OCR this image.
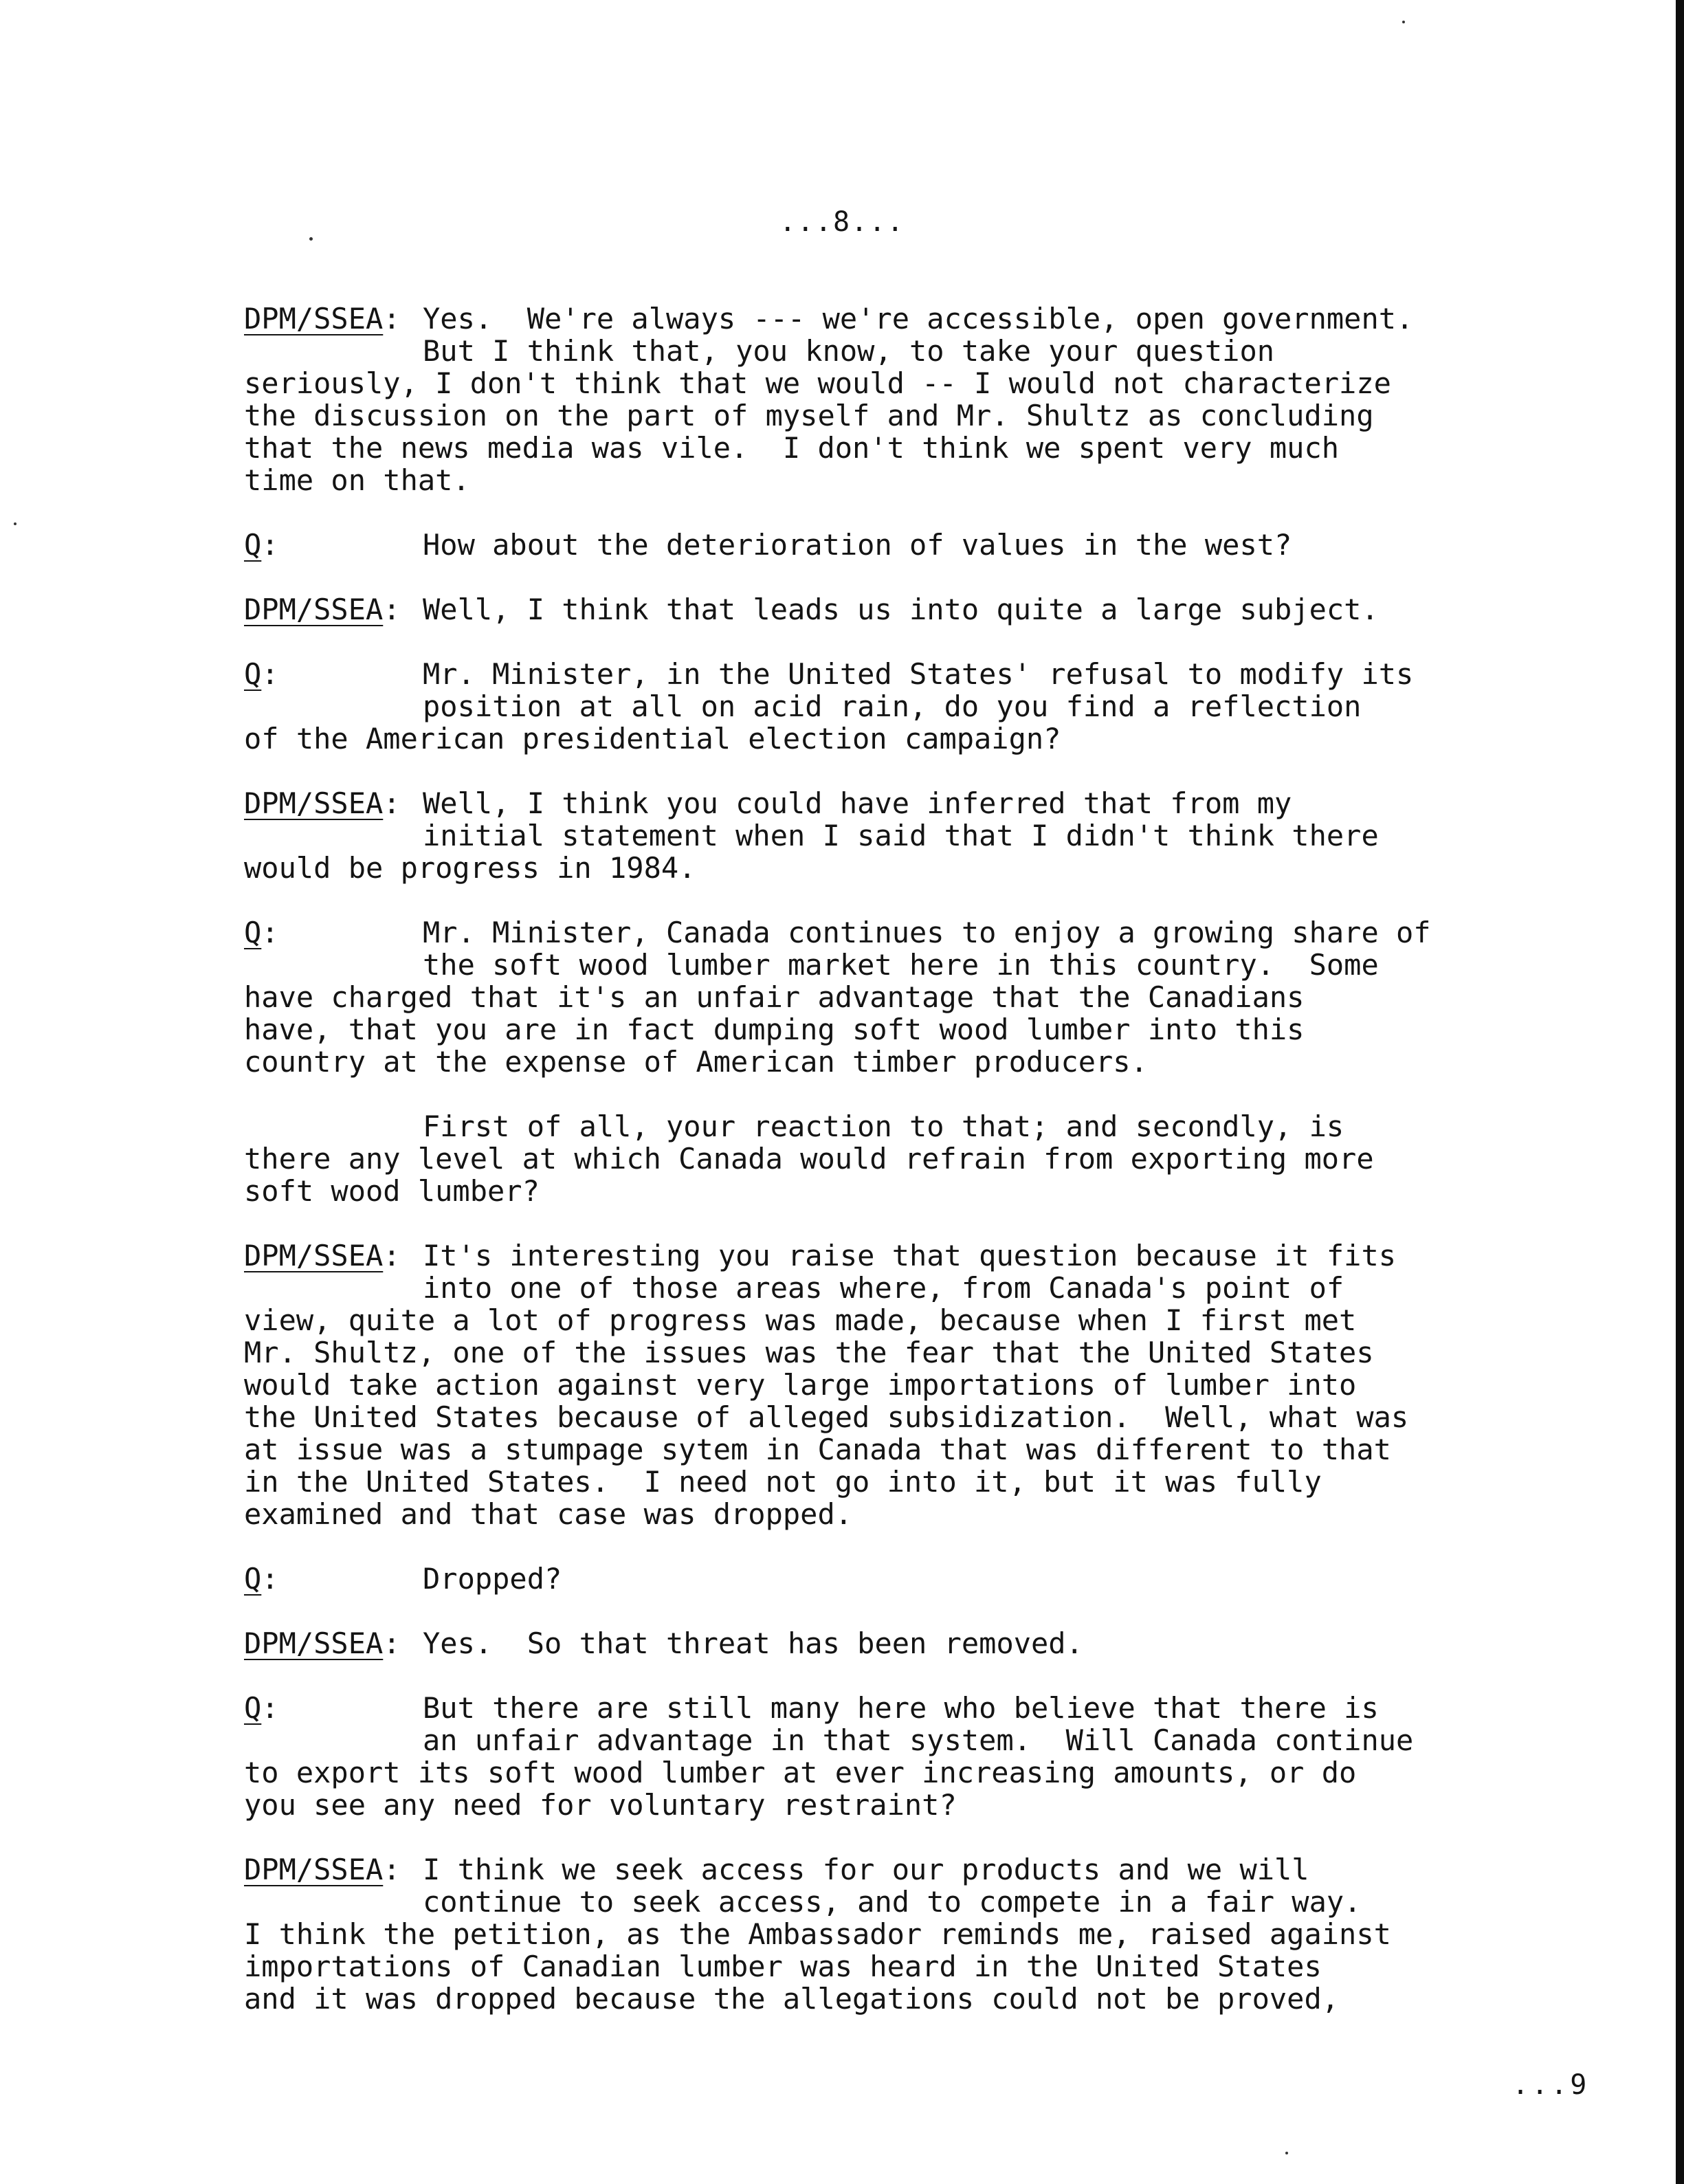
...8...
DPM/SSEA: Yes.  We're always --- we're accessible, open government.
But I think that, you know, to take your question
seriously, I don't think that we would -- I would not characterize
the discussion on the part of myself and Mr. Shultz as concluding
that the news media was vile.  I don't think we spent very much
time on that.
Q:	How about the deterioration of values in the west?
DPM/SSEA: Well, I think that leads us into quite a large subject.
Q:	Mr. Minister, in the United States' refusal to modify its
position at all on acid rain, do you find a reflection
of the American presidential election campaign?
DPM/SSEA: Well, I think you could have inferred that from my
initial statement when I said that I didn't think there
would be progress in 1984.
Q:	Mr. Minister, Canada continues to enjoy a growing share of
the soft wood lumber market here in this country.  Some
have charged that it's an unfair advantage that the Canadians
have, that you are in fact dumping soft wood lumber into this
country at the expense of American timber producers.
First of all, your reaction to that; and secondly, is
there any level at which Canada would refrain from exporting more
soft wood lumber?
DPM/SSEA: It's interesting you raise that question because it fits
into one of those areas where, from Canada's point of
view, quite a lot of progress was made, because when I first met
Mr. Shultz, one of the issues was the fear that the United States
would take action against very large importations of lumber into
the United States because of alleged subsidization.  Well, what was
at issue was a stumpage sytem in Canada that was different to that
in the United States.  I need not go into it, but it was fully
examined and that case was dropped.
Q:	Dropped?
DPM/SSEA: Yes.  So that threat has been removed.
Q:	But there are still many here who believe that there is
an unfair advantage in that system.  Will Canada continue
to export its soft wood lumber at ever increasing amounts, or do
you see any need for voluntary restraint?
DPM/SSEA: I think we seek access for our products and we will
continue to seek access, and to compete in a fair way.
I think the petition, as the Ambassador reminds me, raised against
importations of Canadian lumber was heard in the United States
and it was dropped because the allegations could not be proved,
...9
